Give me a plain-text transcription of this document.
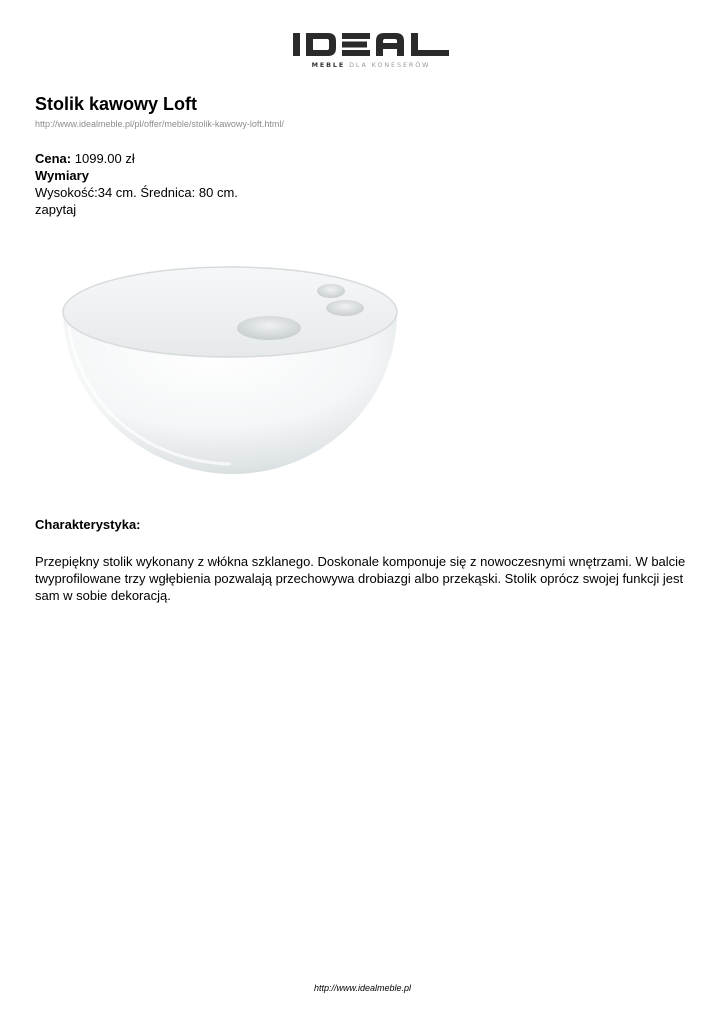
MEBLE DLA KONESERÓW
Stolik kawowy Loft
http://www.idealmeble.pl/pl/offer/meble/stolik-kawowy-loft.html/
Cena: 1099.00 zł
Wymiary
Wysokość:34 cm. Średnica: 80 cm.
zapytaj
Charakterystyka:

Przepiękny stolik wykonany z włókna szklanego. Doskonale komponuje się z nowoczesnymi wnętrzami. W balcie twyprofilowane trzy wgłębienia pozwalają przechowywa drobiazgi albo przekąski. Stolik oprócz swojej funkcji jest sam w sobie dekoracją.

http://www.idealmeble.pl
